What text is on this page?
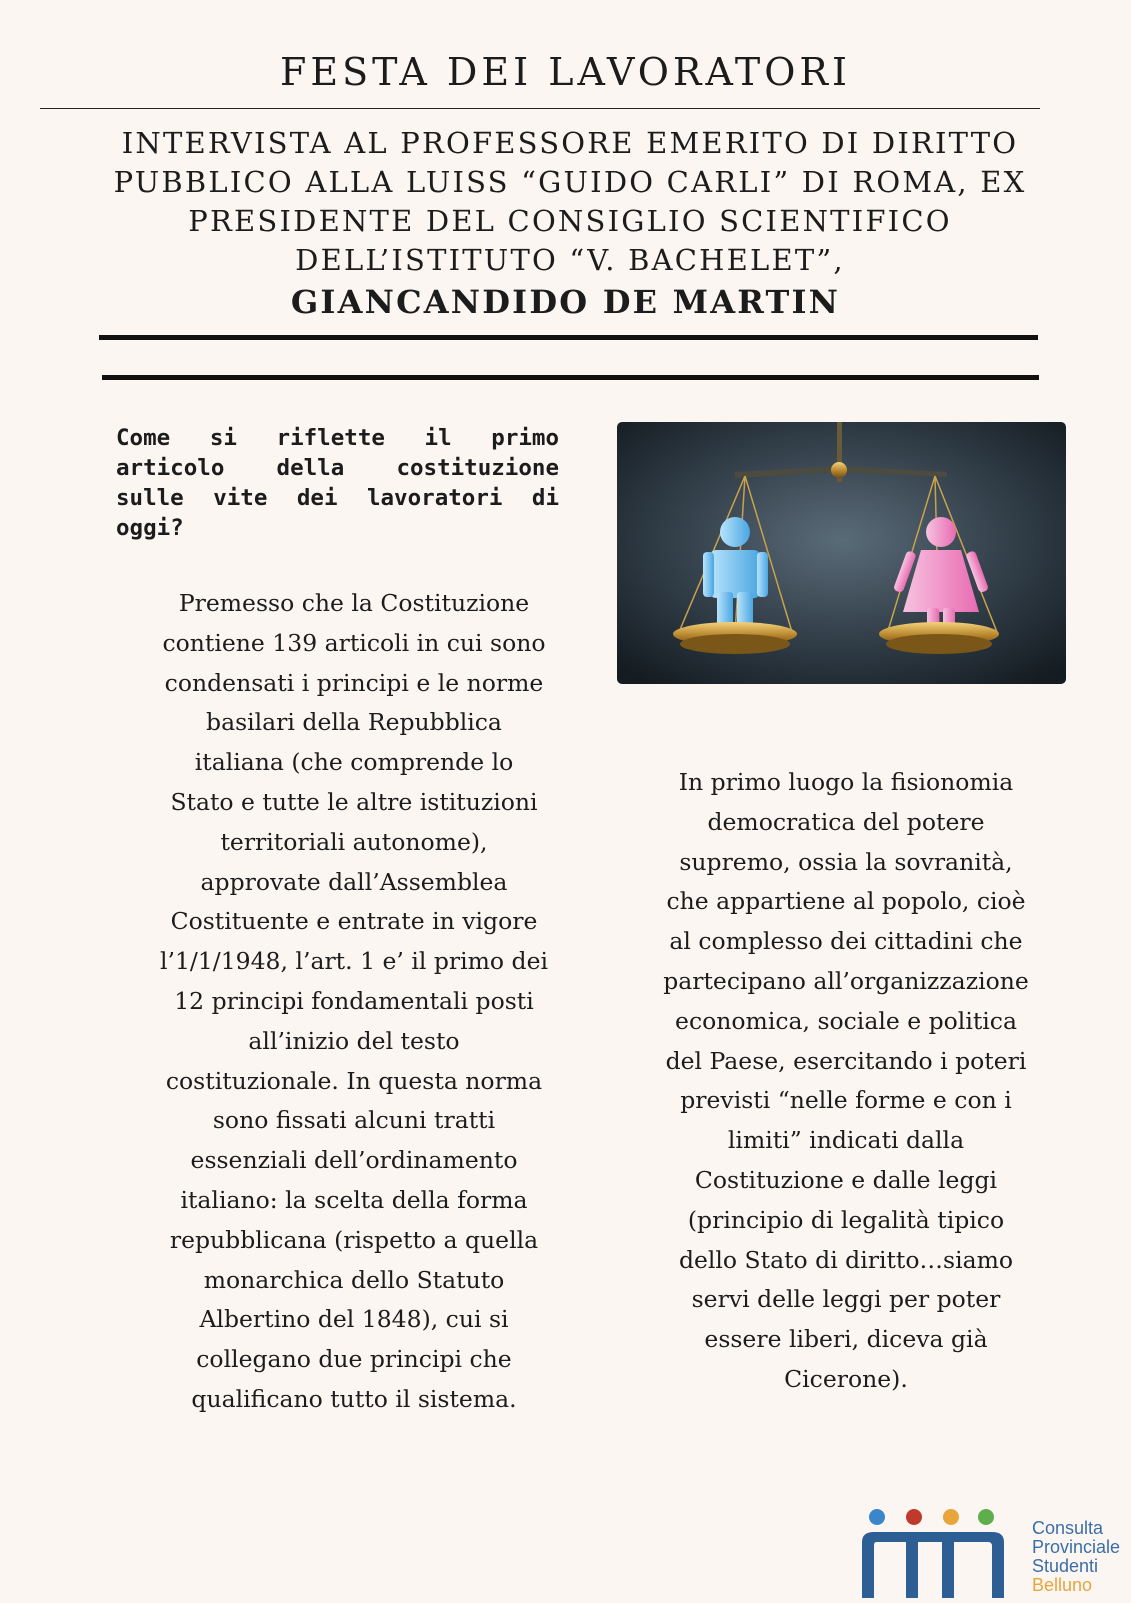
FESTA DEI LAVORATORI
INTERVISTA AL PROFESSORE EMERITO DI DIRITTO
PUBBLICO ALLA LUISS “GUIDO CARLI” DI ROMA, EX
PRESIDENTE DEL CONSIGLIO SCIENTIFICO
DELL’ISTITUTO “V. BACHELET”,
GIANCANDIDO DE MARTIN

Come si riflette il primo articolo della costituzione sulle vite dei lavoratori di oggi?

Premesso che la Costituzione
contiene 139 articoli in cui sono
condensati i principi e le norme
basilari della Repubblica
italiana (che comprende lo
Stato e tutte le altre istituzioni
territoriali autonome),
approvate dall’Assemblea
Costituente e entrate in vigore
l’1/1/1948, l’art. 1 e’ il primo dei
12 principi fondamentali posti
all’inizio del testo
costituzionale. In questa norma
sono fissati alcuni tratti
essenziali dell’ordinamento
italiano: la scelta della forma
repubblicana (rispetto a quella
monarchica dello Statuto
Albertino del 1848), cui si
collegano due principi che
qualificano tutto il sistema.
In primo luogo la fisionomia
democratica del potere
supremo, ossia la sovranità,
che appartiene al popolo, cioè
al complesso dei cittadini che
partecipano all’organizzazione
economica, sociale e politica
del Paese, esercitando i poteri
previsti “nelle forme e con i
limiti” indicati dalla
Costituzione e dalle leggi
(principio di legalità tipico
dello Stato di diritto…siamo
servi delle leggi per poter
essere liberi, diceva già
Cicerone).
Consulta
Provinciale
Studenti
Belluno
